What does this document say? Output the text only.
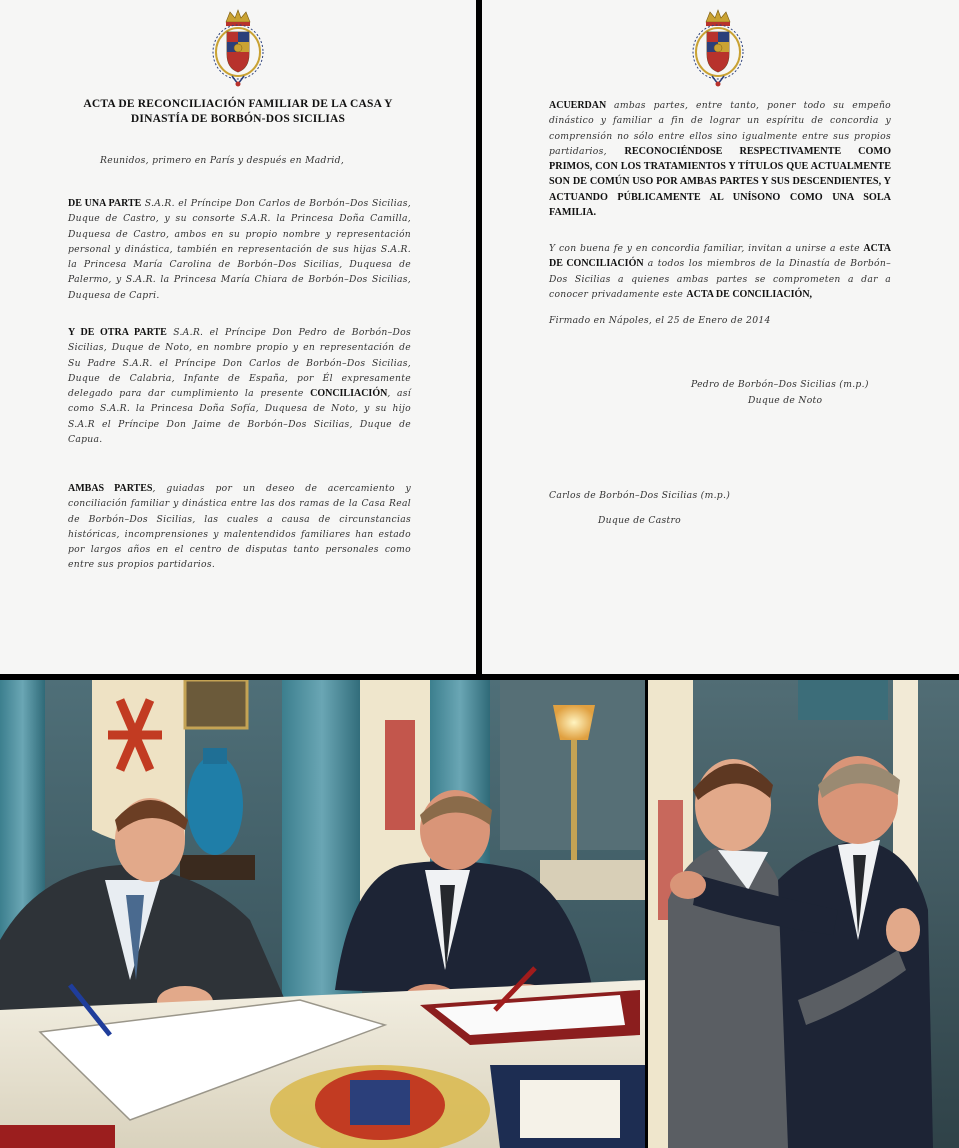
ACTA DE RECONCILIACIÓN FAMILIAR DE LA CASA Y DINASTÍA DE BORBÓN-DOS SICILIAS
Reunidos, primero en París y después en Madrid,
DE UNA PARTE S.A.R. el Príncipe Don Carlos de Borbón–Dos Sicilias, Duque de Castro, y su consorte S.A.R. la Princesa Doña Camilla, Duquesa de Castro, ambos en su propio nombre y representación personal y dinástica, también en representación de sus hijas S.A.R. la Princesa María Carolina de Borbón–Dos Sicilias, Duquesa de Palermo, y S.A.R. la Princesa María Chiara de Borbón–Dos Sicilias, Duquesa de Capri.
Y DE OTRA PARTE S.A.R. el Príncipe Don Pedro de Borbón–Dos Sicilias, Duque de Noto, en nombre propio y en representación de Su Padre S.A.R. el Príncipe Don Carlos de Borbón–Dos Sicilias, Duque de Calabria, Infante de España, por Él expresamente delegado para dar cumplimiento la presente CONCILIACIÓN, así como S.A.R. la Princesa Doña Sofía, Duquesa de Noto, y su hijo S.A.R el Príncipe Don Jaime de Borbón–Dos Sicilias, Duque de Capua.
AMBAS PARTES, guiadas por un deseo de acercamiento y conciliación familiar y dinástica entre las dos ramas de la Casa Real de Borbón–Dos Sicilias, las cuales a causa de circunstancias históricas, incomprensiones y malentendidos familiares han estado por largos años en el centro de disputas tanto personales como entre sus propios partidarios.
ACUERDAN ambas partes, entre tanto, poner todo su empeño dinástico y familiar a fin de lograr un espíritu de concordia y comprensión no sólo entre ellos sino igualmente entre sus propios partidarios, RECONOCIÉNDOSE RESPECTIVAMENTE COMO PRIMOS, CON LOS TRATAMIENTOS Y TÍTULOS QUE ACTUALMENTE SON DE COMÚN USO POR AMBAS PARTES Y SUS DESCENDIENTES, Y ACTUANDO PÚBLICAMENTE AL UNÍSONO COMO UNA SOLA FAMILIA.
Y con buena fe y en concordia familiar, invitan a unirse a este ACTA DE CONCILIACIÓN a todos los miembros de la Dinastía de Borbón–Dos Sicilias a quienes ambas partes se comprometen a dar a conocer privadamente este ACTA DE CONCILIACIÓN,
Firmado en Nápoles, el 25 de Enero de 2014
Pedro de Borbón–Dos Sicilias (m.p.)
Duque de Noto
Carlos de Borbón–Dos Sicilias (m.p.)
Duque de Castro
